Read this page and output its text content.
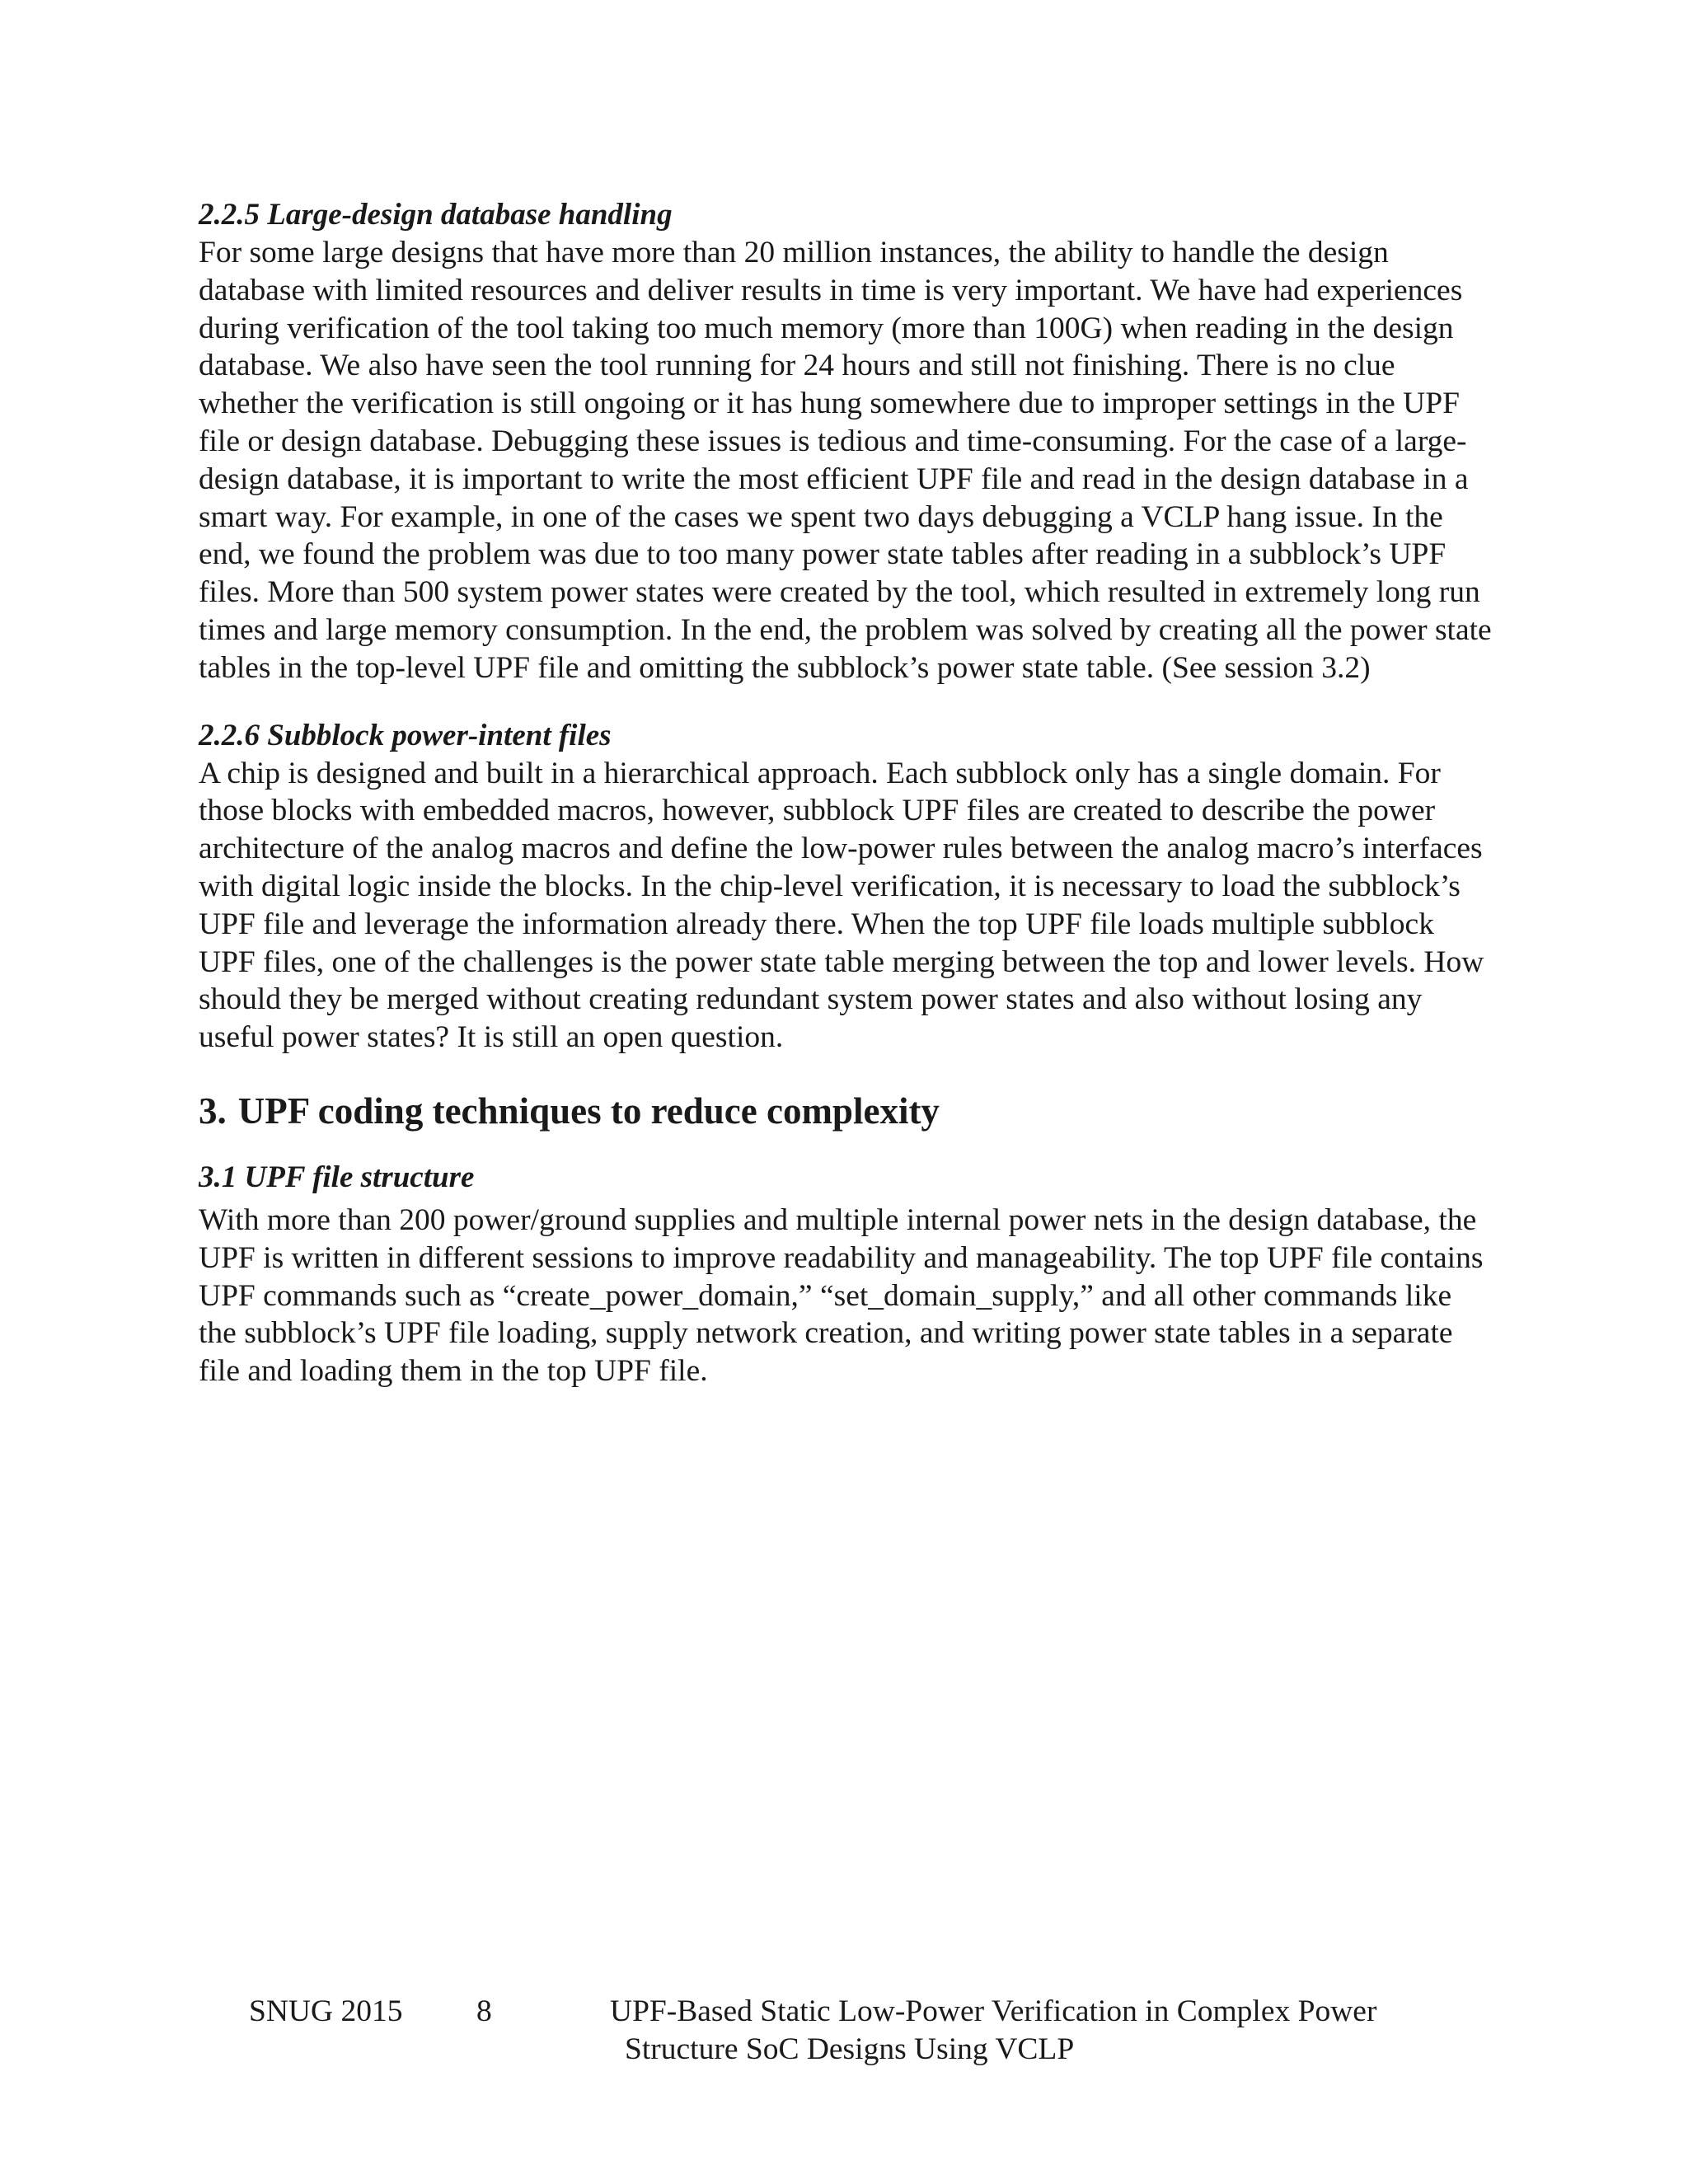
2.2.5 Large-design database handling

For some large designs that have more than 20 million instances, the ability to handle the design database with limited resources and deliver results in time is very important. We have had experiences during verification of the tool taking too much memory (more than 100G) when reading in the design database. We also have seen the tool running for 24 hours and still not finishing. There is no clue whether the verification is still ongoing or it has hung somewhere due to improper settings in the UPF file or design database. Debugging these issues is tedious and time-consuming. For the case of a large-design database, it is important to write the most efficient UPF file and read in the design database in a smart way. For example, in one of the cases we spent two days debugging a VCLP hang issue. In the end, we found the problem was due to too many power state tables after reading in a subblock’s UPF files. More than 500 system power states were created by the tool, which resulted in extremely long run times and large memory consumption. In the end, the problem was solved by creating all the power state tables in the top-level UPF file and omitting the subblock’s power state table. (See session 3.2)

2.2.6 Subblock power-intent files

A chip is designed and built in a hierarchical approach. Each subblock only has a single domain. For those blocks with embedded macros, however, subblock UPF files are created to describe the power architecture of the analog macros and define the low-power rules between the analog macro’s interfaces with digital logic inside the blocks. In the chip-level verification, it is necessary to load the subblock’s UPF file and leverage the information already there. When the top UPF file loads multiple subblock UPF files, one of the challenges is the power state table merging between the top and lower levels. How should they be merged without creating redundant system power states and also without losing any useful power states? It is still an open question.

3. UPF coding techniques to reduce complexity

3.1 UPF file structure

With more than 200 power/ground supplies and multiple internal power nets in the design database, the UPF is written in different sessions to improve readability and manageability. The top UPF file contains UPF commands such as “create_power_domain,” “set_domain_supply,” and all other commands like the subblock’s UPF file loading, supply network creation, and writing power state tables in a separate file and loading them in the top UPF file.

SNUG 2015 8	UPF-Based Static Low-Power Verification in Complex Power
Structure SoC Designs Using VCLP
